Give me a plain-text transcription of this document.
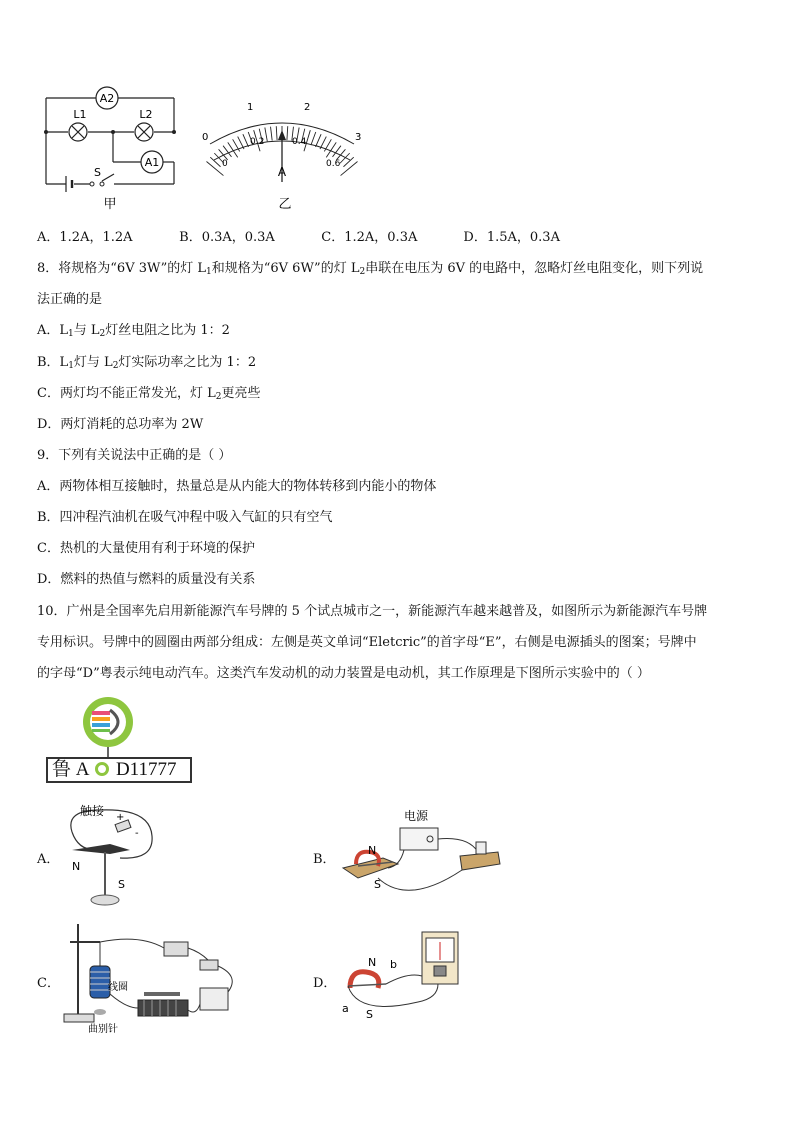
A2
A1
L1	L2
S
甲
0
1	2
3
0
0.2	0.4
0.6
A
乙
A．1.2A，1.2A	B．0.3A，0.3A	C．1.2A，0.3A	D．1.5A，0.3A
8．将规格为“6V 3W”的灯 $L_1$和规格为“6V 6W”的灯 $L_2$串联在电压为 6V 的电路中，忽略灯丝电阻变化，则下列说
法正确的是
A．$L_1$与 $L_2$灯丝电阻之比为 1：2
B．$L_1$灯与 $L_2$灯实际功率之比为 1：2
C．两灯均不能正常发光，灯 $L_2$更亮些
D．两灯消耗的总功率为 2W
9．下列有关说法中正确的是（ ）
A．两物体相互接触时，热量总是从内能大的物体转移到内能小的物体
B．四冲程汽油机在吸气冲程中吸入气缸的只有空气
C．热机的大量使用有利于环境的保护
D．燃料的热值与燃料的质量没有关系
10．广州是全国率先启用新能源汽车号牌的 5 个试点城市之一，新能源汽车越来越普及，如图所示为新能源汽车号牌
专用标识。号牌中的圆圈由两部分组成：左侧是英文单词“Eletcric”的首字母“E”，右侧是电源插头的图案；号牌中
的字母“D”粤表示纯电动汽车。这类汽车发动机的动力装置是电动机，其工作原理是下图所示实验中的（ ）
鲁 A D11777
A．
触接 +
-
N
S
B．
电源
N
S
C．	线圈
曲别针
D．
N
S
a
b
